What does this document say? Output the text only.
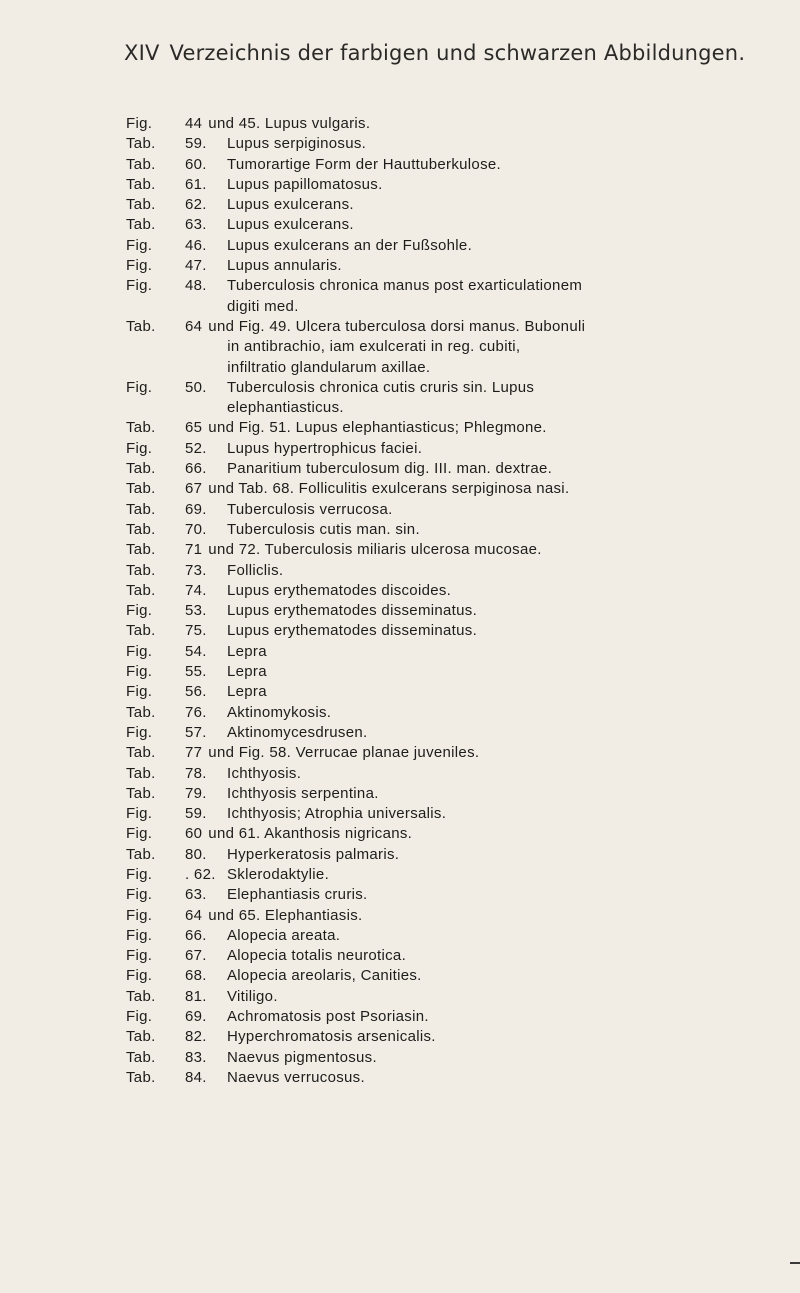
XIV Verzeichnis der farbigen und schwarzen Abbildungen.
Fig.	44 und 45. Lupus vulgaris.
Tab.	59.	Lupus serpiginosus.
Tab.	60.	Tumorartige Form der Hauttuberkulose.
Tab.	61.	Lupus papillomatosus.
Tab.	62.	Lupus exulcerans.
Tab.	63.	Lupus exulcerans.
Fig.	46.	Lupus exulcerans an der Fußsohle.
Fig.	47.	Lupus annularis.
Fig.	48.	Tuberculosis chronica manus post exarticulationem
digiti med.
Tab.	64 und Fig. 49. Ulcera tuberculosa dorsi manus. Bubonuli
in antibrachio, iam exulcerati in reg. cubiti,
infiltratio glandularum axillae.
Fig.	50.	Tuberculosis chronica cutis cruris sin. Lupus
elephantiasticus.
Tab.	65 und Fig. 51. Lupus elephantiasticus; Phlegmone.
Fig.	52.	Lupus hypertrophicus faciei.
Tab.	66.	Panaritium tuberculosum dig. III. man. dextrae.
Tab.	67 und Tab. 68. Folliculitis exulcerans serpiginosa nasi.
Tab.	69.	Tuberculosis verrucosa.
Tab.	70.	Tuberculosis cutis man. sin.
Tab.	71 und 72. Tuberculosis miliaris ulcerosa mucosae.
Tab.	73.	Folliclis.
Tab.	74.	Lupus erythematodes discoides.
Fig.	53.	Lupus erythematodes disseminatus.
Tab.	75.	Lupus erythematodes disseminatus.
Fig.	54.	Lepra
Fig.	55.	Lepra
Fig.	56.	Lepra
Tab.	76.	Aktinomykosis.
Fig.	57.	Aktinomycesdrusen.
Tab.	77 und Fig. 58. Verrucae planae juveniles.
Tab.	78.	Ichthyosis.
Tab.	79.	Ichthyosis serpentina.
Fig.	59.	Ichthyosis; Atrophia universalis.
Fig.	60 und 61. Akanthosis nigricans.
Tab.	80.	Hyperkeratosis palmaris.
Fig.	. 62. Sklerodaktylie.
Fig.	63.	Elephantiasis cruris.
Fig.	64 und 65. Elephantiasis.
Fig.	66.	Alopecia areata.
Fig.	67.	Alopecia totalis neurotica.
Fig.	68.	Alopecia areolaris, Canities.
Tab.	81.	Vitiligo.
Fig.	69.	Achromatosis post Psoriasin.
Tab.	82.	Hyperchromatosis arsenicalis.
Tab.	83.	Naevus pigmentosus.
Tab.	84.	Naevus verrucosus.
